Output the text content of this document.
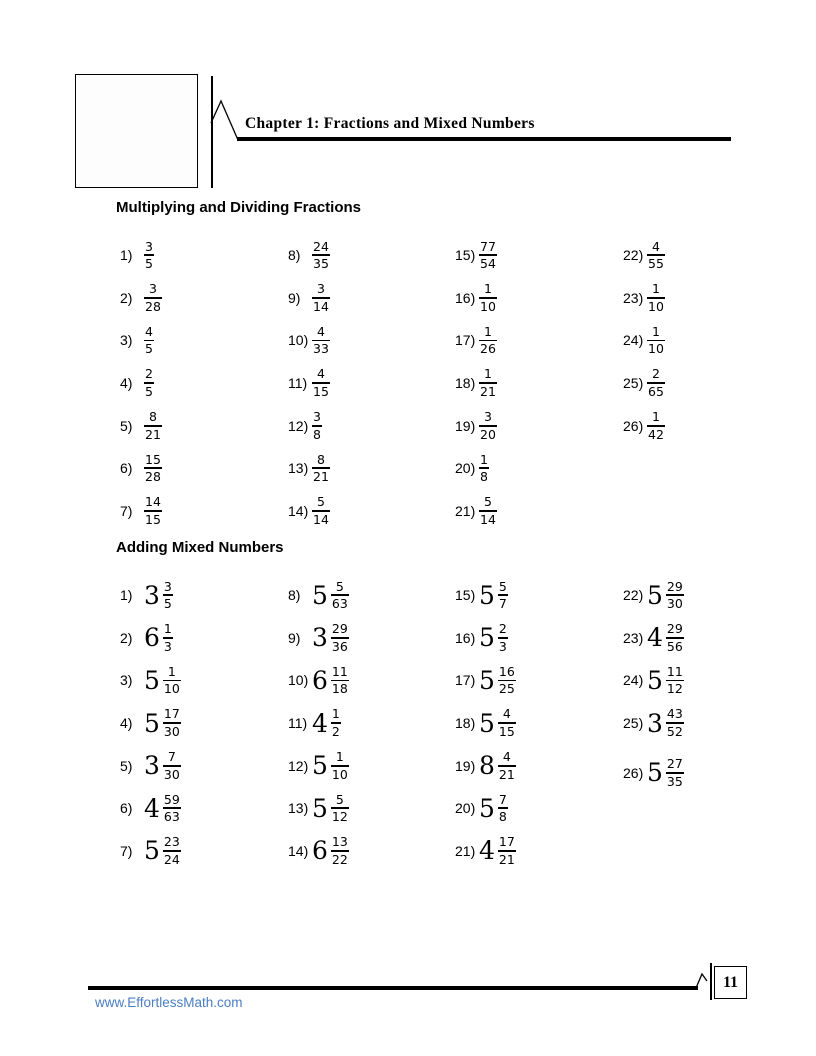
Chapter 1: Fractions and Mixed Numbers
Multiplying and Dividing Fractions
$1) \frac{3}{5}$
$2) \frac{3}{28}$
$3) \frac{4}{5}$
$4) \frac{2}{5}$
$5) \frac{8}{21}$
$6) \frac{15}{28}$
$7) \frac{14}{15}$
$8) \frac{24}{35}$
$9) \frac{3}{14}$
$10) \frac{4}{33}$
$11) \frac{4}{15}$
$12) \frac{3}{8}$
$13) \frac{8}{21}$
$14) \frac{5}{14}$
$15) \frac{77}{54}$
$16) \frac{1}{10}$
$17) \frac{1}{26}$
$18) \frac{1}{21}$
$19) \frac{3}{20}$
$20) \frac{1}{8}$
$21) \frac{5}{14}$
$22) \frac{4}{55}$
$23) \frac{1}{10}$
$24) \frac{1}{10}$
$25) \frac{2}{65}$
$26) \frac{1}{42}$
Adding Mixed Numbers
1) $3 \frac{3}{5}$
2) $6 \frac{1}{3}$
3) $5 \frac{1}{10}$
4) $5 \frac{17}{30}$
5) $3 \frac{7}{30}$
6) $4 \frac{59}{63}$
7) $5 \frac{23}{24}$
8) $5 \frac{5}{63}$
9) $3 \frac{29}{36}$
10) $6 \frac{11}{18}$
11) $4 \frac{1}{2}$
12) $5 \frac{1}{10}$
13) $5 \frac{5}{12}$
14) $6 \frac{13}{22}$
15) $5 \frac{5}{7}$
16) $5 \frac{2}{3}$
17) $5 \frac{16}{25}$
18) $5 \frac{4}{15}$
19) $8 \frac{4}{21}$
20) $5 \frac{7}{8}$
21) $4 \frac{17}{21}$
22) $5 \frac{29}{30}$
23) $4 \frac{29}{56}$
24) $5 \frac{11}{12}$
25) $3 \frac{43}{52}$
26) $5 \frac{27}{35}$
11
www.EffortlessMath.com
